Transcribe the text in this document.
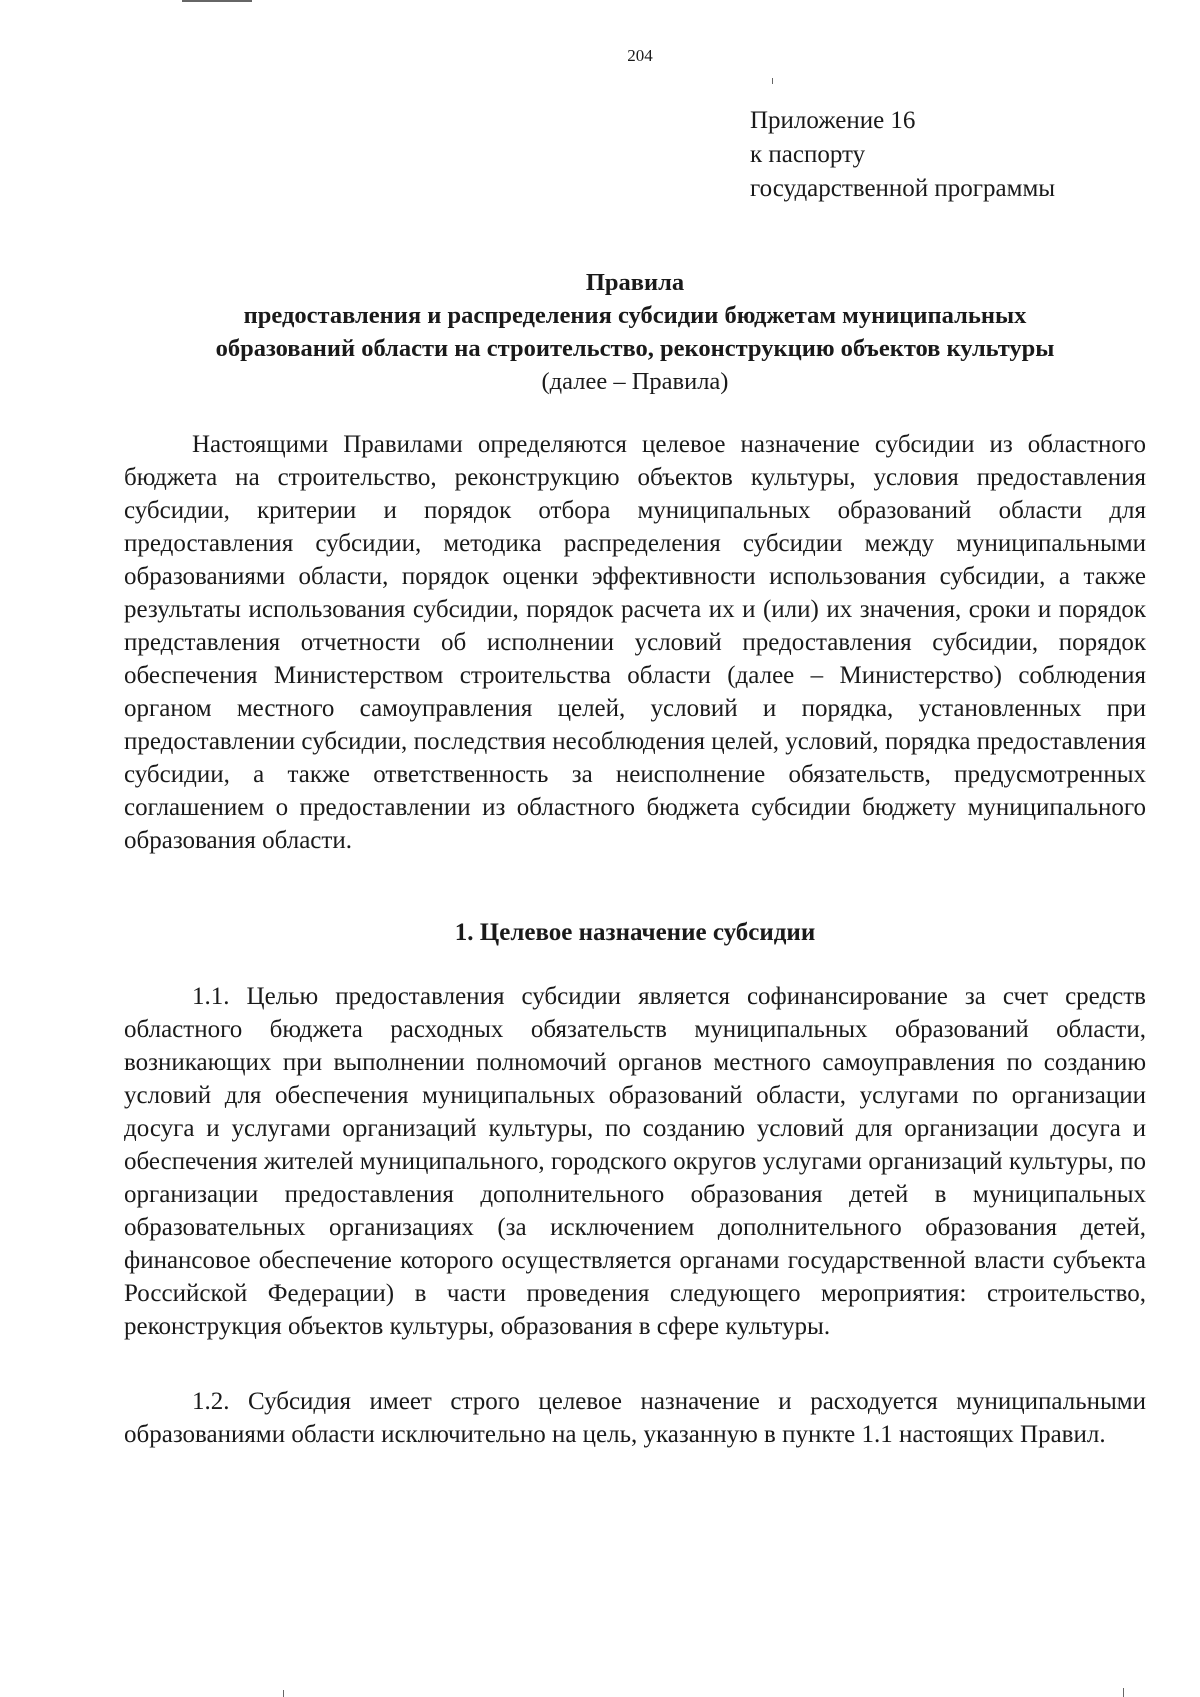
204
Приложение 16
к паспорту
государственной программы
Правила
предоставления и распределения субсидии бюджетам муниципальных
образований области на строительство, реконструкцию объектов культуры
(далее – Правила)

Настоящими Правилами определяются целевое назначение субсидии из областного бюджета на строительство, реконструкцию объектов культуры, условия предоставления субсидии, критерии и порядок отбора муниципальных образований области для предоставления субсидии, методика распределения субсидии между муниципальными образованиями области, порядок оценки эффективности использования субсидии, а также результаты использования субсидии, порядок расчета их и (или) их значения, сроки и порядок представления отчетности об исполнении условий предоставления субсидии, порядок обеспечения Министерством строительства области (далее – Министерство) соблюдения органом местного самоуправления целей, условий и порядка, установленных при предоставлении субсидии, последствия несоблюдения целей, условий, порядка предоставления субсидии, а также ответственность за неисполнение обязательств, предусмотренных соглашением о предоставлении из областного бюджета субсидии бюджету муниципального образования области.

1. Целевое назначение субсидии

1.1. Целью предоставления субсидии является софинансирование за счет средств областного бюджета расходных обязательств муниципальных образований области, возникающих при выполнении полномочий органов местного самоуправления по созданию условий для обеспечения муниципальных образований области, услугами по организации досуга и услугами организаций культуры, по созданию условий для организации досуга и обеспечения жителей муниципального, городского округов услугами организаций культуры, по организации предоставления дополнительного образования детей в муниципальных образовательных организациях (за исключением дополнительного образования детей, финансовое обеспечение которого осуществляется органами государственной власти субъекта Российской Федерации) в части проведения следующего мероприятия: строительство, реконструкция объектов культуры, образования в сфере культуры.

1.2. Субсидия имеет строго целевое назначение и расходуется муниципальными образованиями области исключительно на цель, указанную в пункте 1.1 настоящих Правил.
